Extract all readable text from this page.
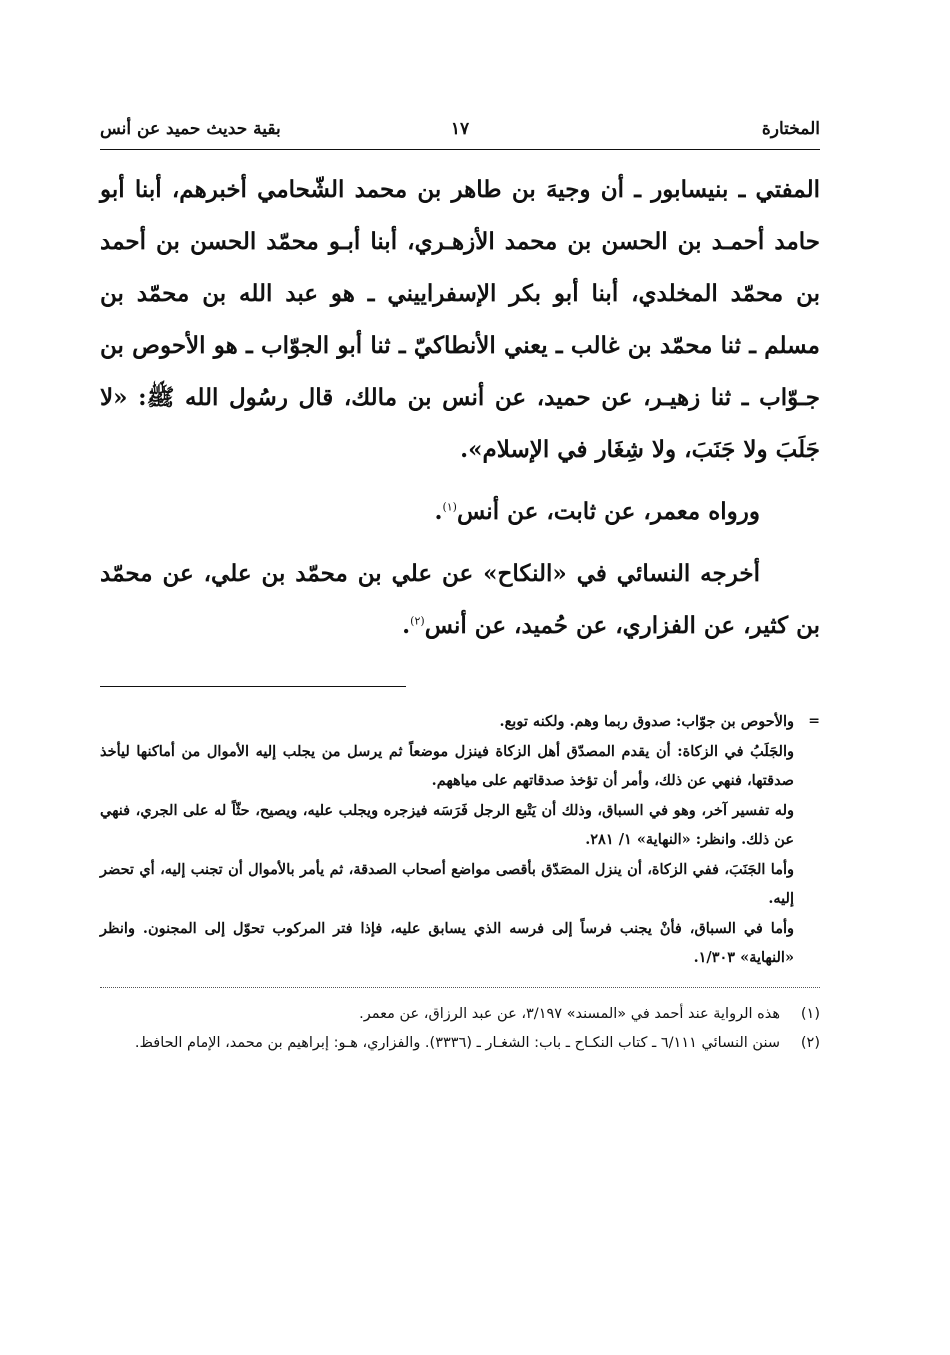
المختارة
١٧
بقية حديث حميد عن أنس

المفتي ـ بنيسابور ـ أن وجيهَ بن طاهر بن محمد الشّحامي أخبرهم، أبنا أبو حامد أحمـد بن الحسن بن محمد الأزهـري، أبنا أبـو محمّد الحسن بن أحمد بن محمّد المخلدي، أبنا أبو بكر الإسفراييني ـ هو عبد الله بن محمّد بن مسلم ـ ثنا محمّد بن غالب ـ يعني الأنطاكيّ ـ ثنا أبو الجوّاب ـ هو الأحوص بن جـوّاب ـ ثنا زهيـر، عن حميد، عن أنس بن مالك، قال رسُول الله ﷺ: «لا جَلَبَ ولا جَنَبَ، ولا شِغَار في الإسلام».

ورواه معمر، عن ثابت، عن أنس$^{(١)}$.

أخرجه النسائي في «النكاح» عن علي بن محمّد بن علي، عن محمّد بن كثير، عن الفزاري، عن حُميد، عن أنس$^{(٢)}$.

=

والأحوص بن جوّاب: صدوق ربما وهم. ولكنه توبع.

والجَلَبُ في الزكاة: أن يقدم المصدّق أهل الزكاة فينزل موضعاً ثم يرسل من يجلب إليه الأموال من أماكنها ليأخذ صدقتها، فنهي عن ذلك، وأمر أن تؤخذ صدقاتهم على مياههم.

وله تفسير آخر، وهو في السباق، وذلك أن يَتْبع الرجل فَرَسَه فيزجره ويجلب عليه، ويصيح، حثّاً له على الجري، فنهي عن ذلك. وانظر: «النهاية» ١/ ٢٨١.

وأما الجَنَبَ، ففي الزكاة، أن ينزل المصَدّق بأقصى مواضع أصحاب الصدقة، ثم يأمر بالأموال أن تجنب إليه، أي تحضر إليه.

وأما في السباق، فأنْ يجنب فرساً إلى فرسه الذي يسابق عليه، فإذا فتر المركوب تحوّل إلى المجنون. وانظر «النهاية» ١/٣٠٣.

(١)
هذه الرواية عند أحمد في «المسند» ٣/١٩٧، عن عبد الرزاق، عن معمر.
(٢)
سنن النسائي ٦/١١١ ـ كتاب النكـاح ـ باب: الشغـار ـ (٣٣٣٦). والفزاري، هـو: إبراهيم بن محمد، الإمام الحافظ.
